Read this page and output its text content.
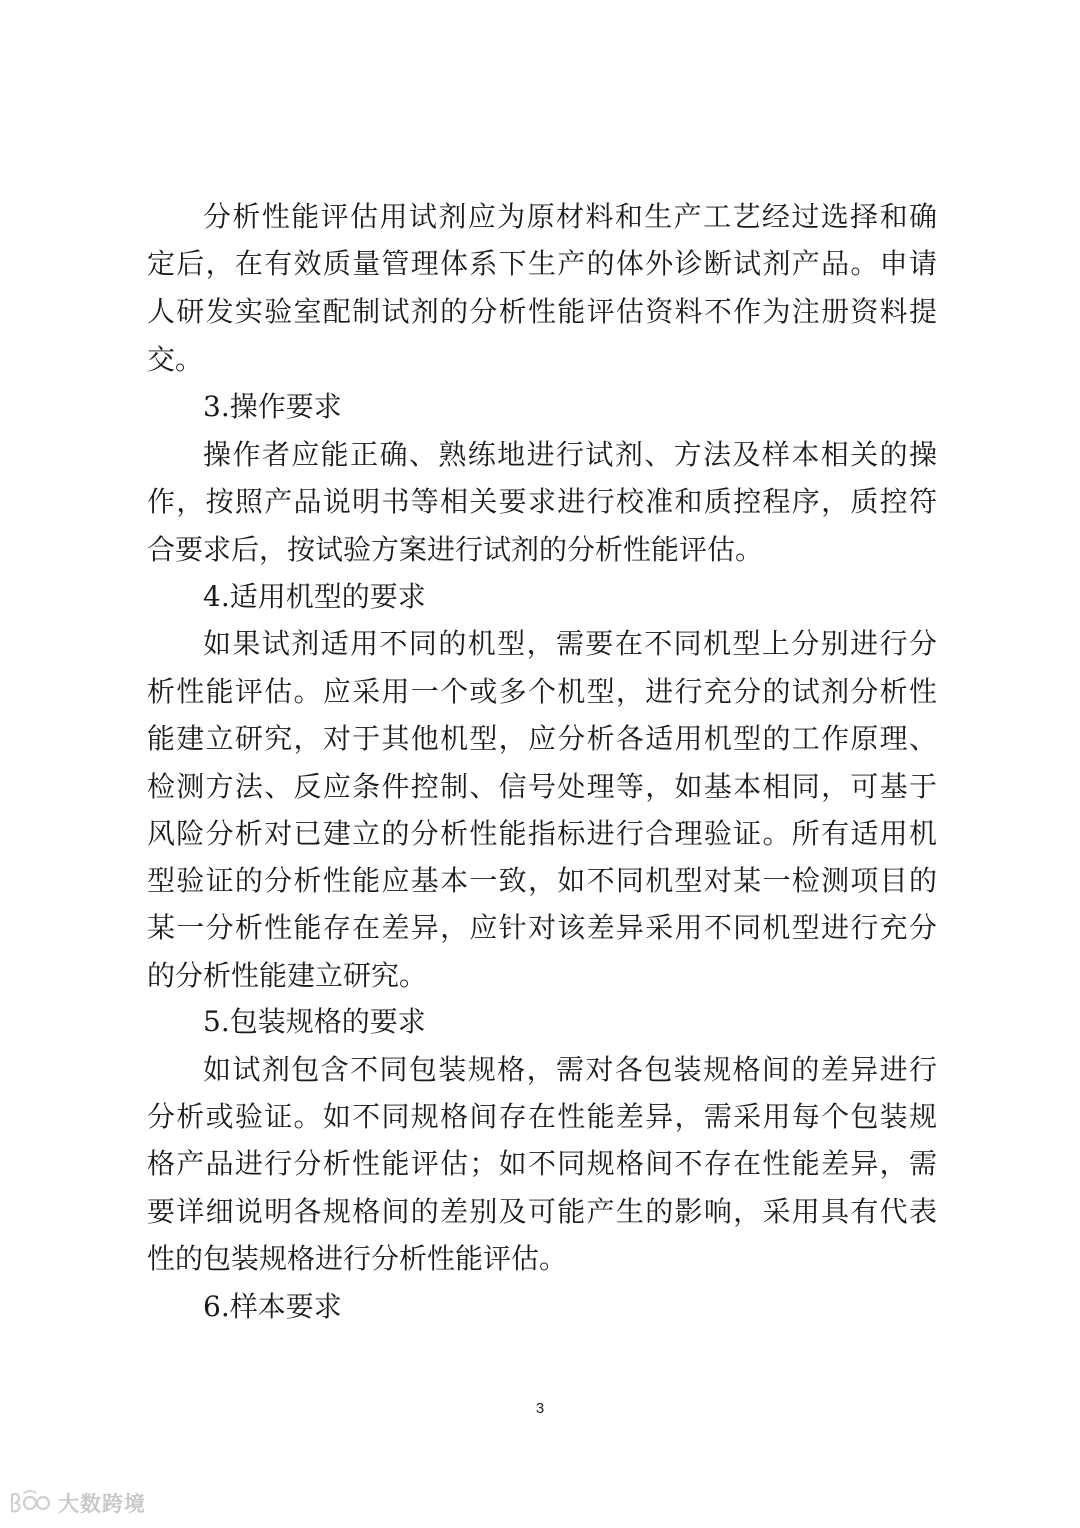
分析性能评估用试剂应为原材料和生产工艺经过选择和确
定后，在有效质量管理体系下生产的体外诊断试剂产品。申请
人研发实验室配制试剂的分析性能评估资料不作为注册资料提
交。
3.操作要求
操作者应能正确、熟练地进行试剂、方法及样本相关的操
作，按照产品说明书等相关要求进行校准和质控程序，质控符
合要求后，按试验方案进行试剂的分析性能评估。
4.适用机型的要求
如果试剂适用不同的机型，需要在不同机型上分别进行分
析性能评估。应采用一个或多个机型，进行充分的试剂分析性
能建立研究，对于其他机型，应分析各适用机型的工作原理、
检测方法、反应条件控制、信号处理等，如基本相同，可基于
风险分析对已建立的分析性能指标进行合理验证。所有适用机
型验证的分析性能应基本一致，如不同机型对某一检测项目的
某一分析性能存在差异，应针对该差异采用不同机型进行充分
的分析性能建立研究。
5.包装规格的要求
如试剂包含不同包装规格，需对各包装规格间的差异进行
分析或验证。如不同规格间存在性能差异，需采用每个包装规
格产品进行分析性能评估；如不同规格间不存在性能差异，需
要详细说明各规格间的差别及可能产生的影响，采用具有代表
性的包装规格进行分析性能评估。
6.样本要求
3
大数跨境
